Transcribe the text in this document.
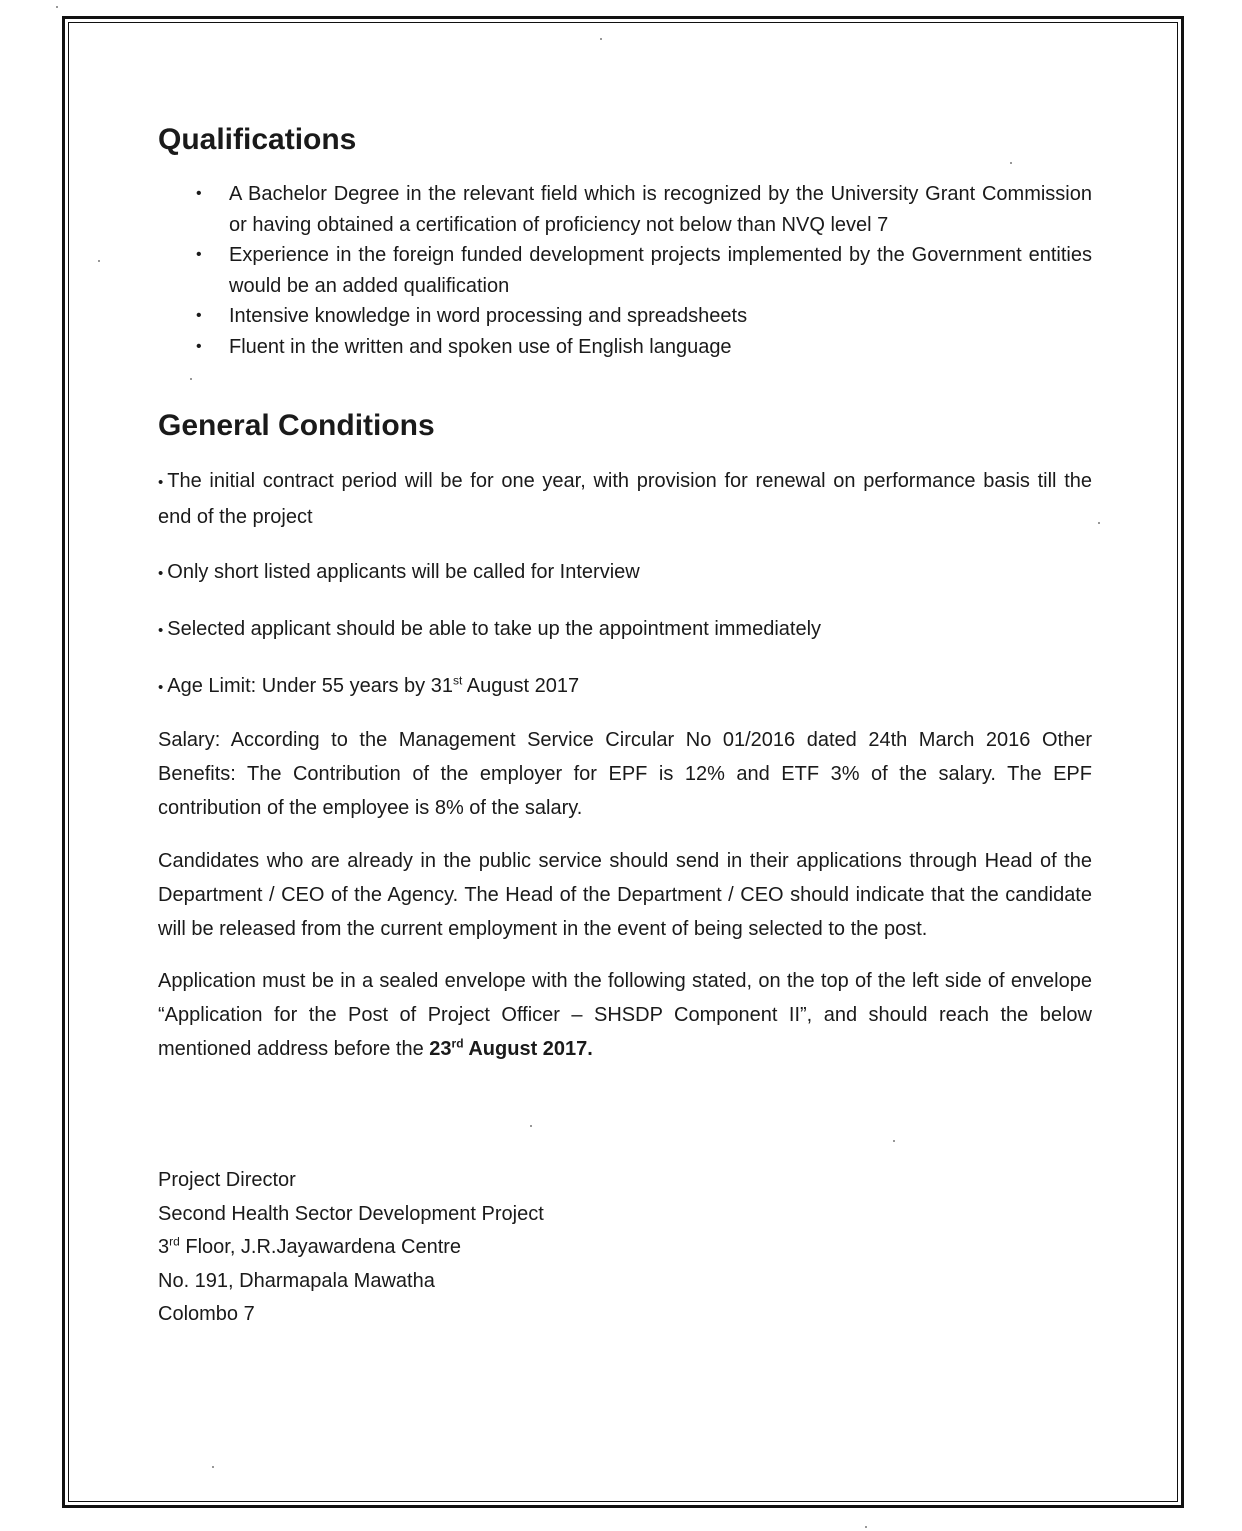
Qualifications
• A Bachelor Degree in the relevant field which is recognized by the University Grant Commission or having obtained a certification of proficiency not below than NVQ level 7
• Experience in the foreign funded development projects implemented by the Government entities would be an added qualification
• Intensive knowledge in word processing and spreadsheets
• Fluent in the written and spoken use of English language
General Conditions

• The initial contract period will be for one year, with provision for renewal on performance basis till the end of the project

• Only short listed applicants will be called for Interview

• Selected applicant should be able to take up the appointment immediately

• Age Limit: Under 55 years by 31st August 2017

Salary: According to the Management Service Circular No 01/2016 dated 24th March 2016 Other Benefits: The Contribution of the employer for EPF is 12% and ETF 3% of the salary. The EPF contribution of the employee is 8% of the salary.

Candidates who are already in the public service should send in their applications through Head of the Department / CEO of the Agency. The Head of the Department / CEO should indicate that the candidate will be released from the current employment in the event of being selected to the post.

Application must be in a sealed envelope with the following stated, on the top of the left side of envelope “Application for the Post of Project Officer – SHSDP Component II”, and should reach the below mentioned address before the 23rd August 2017.

Project Director
Second Health Sector Development Project
3rd Floor, J.R.Jayawardena Centre
No. 191, Dharmapala Mawatha
Colombo 7
